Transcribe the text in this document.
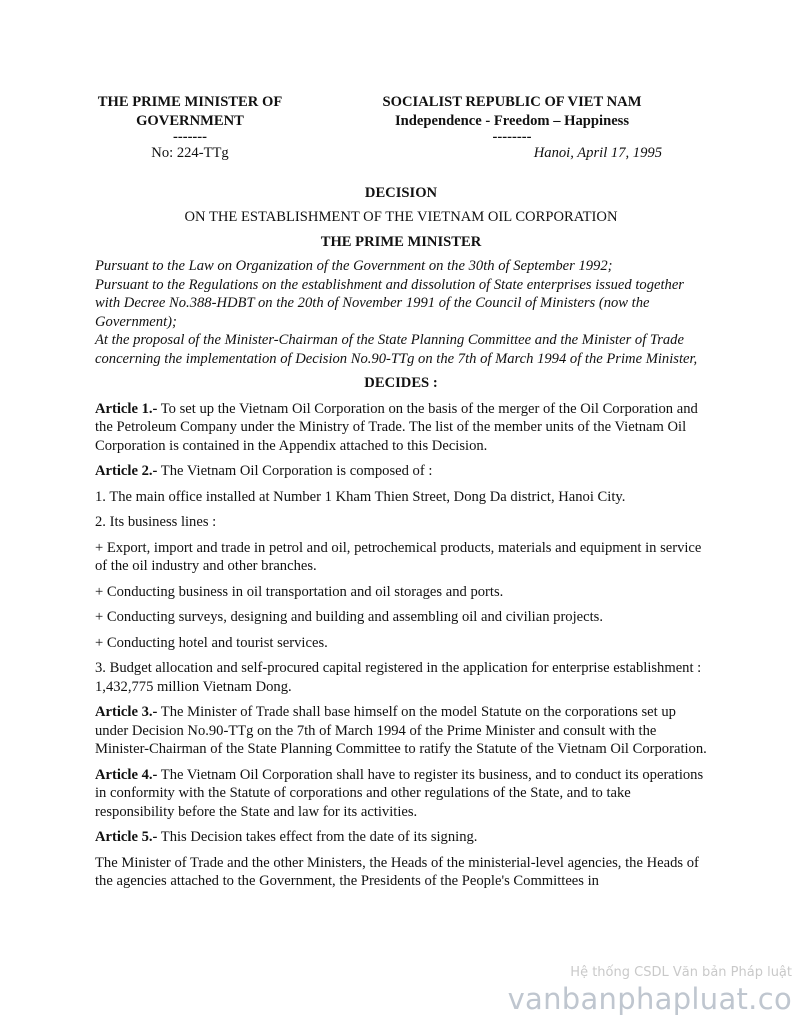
THE PRIME MINISTER OF
GOVERNMENT
-------
No: 224-TTg
SOCIALIST REPUBLIC OF VIET NAM
Independence - Freedom – Happiness
--------
Hanoi, April 17, 1995
DECISION
ON THE ESTABLISHMENT OF THE VIETNAM OIL CORPORATION
THE PRIME MINISTER
Pursuant to the Law on Organization of the Government on the 30th of September 1992;
Pursuant to the Regulations on the establishment and dissolution of State enterprises issued together with Decree No.388-HDBT on the 20th of November 1991 of the Council of Ministers (now the Government);
At the proposal of the Minister-Chairman of the State Planning Committee and the Minister of Trade concerning the implementation of Decision No.90-TTg on the 7th of March 1994 of the Prime Minister,
DECIDES :

Article 1.- To set up the Vietnam Oil Corporation on the basis of the merger of the Oil Corporation and the Petroleum Company under the Ministry of Trade. The list of the member units of the Vietnam Oil Corporation is contained in the Appendix attached to this Decision.

Article 2.- The Vietnam Oil Corporation is composed of :

1. The main office installed at Number 1 Kham Thien Street, Dong Da district, Hanoi City.

2. Its business lines :

+ Export, import and trade in petrol and oil, petrochemical products, materials and equipment in service of the oil industry and other branches.

+ Conducting business in oil transportation and oil storages and ports.

+ Conducting surveys, designing and building and assembling oil and civilian projects.

+ Conducting hotel and tourist services.

3. Budget allocation and self-procured capital registered in the application for enterprise establishment : 1,432,775 million Vietnam Dong.

Article 3.- The Minister of Trade shall base himself on the model Statute on the corporations set up under Decision No.90-TTg on the 7th of March 1994 of the Prime Minister and consult with the Minister-Chairman of the State Planning Committee to ratify the Statute of the Vietnam Oil Corporation.

Article 4.- The Vietnam Oil Corporation shall have to register its business, and to conduct its operations in conformity with the Statute of corporations and other regulations of the State, and to take responsibility before the State and law for its activities.

Article 5.- This Decision takes effect from the date of its signing.

The Minister of Trade and the other Ministers, the Heads of the ministerial-level agencies, the Heads of the agencies attached to the Government, the Presidents of the People's Committees in

Hệ thống CSDL Văn bản Pháp luật
vanbanphapluat.co
